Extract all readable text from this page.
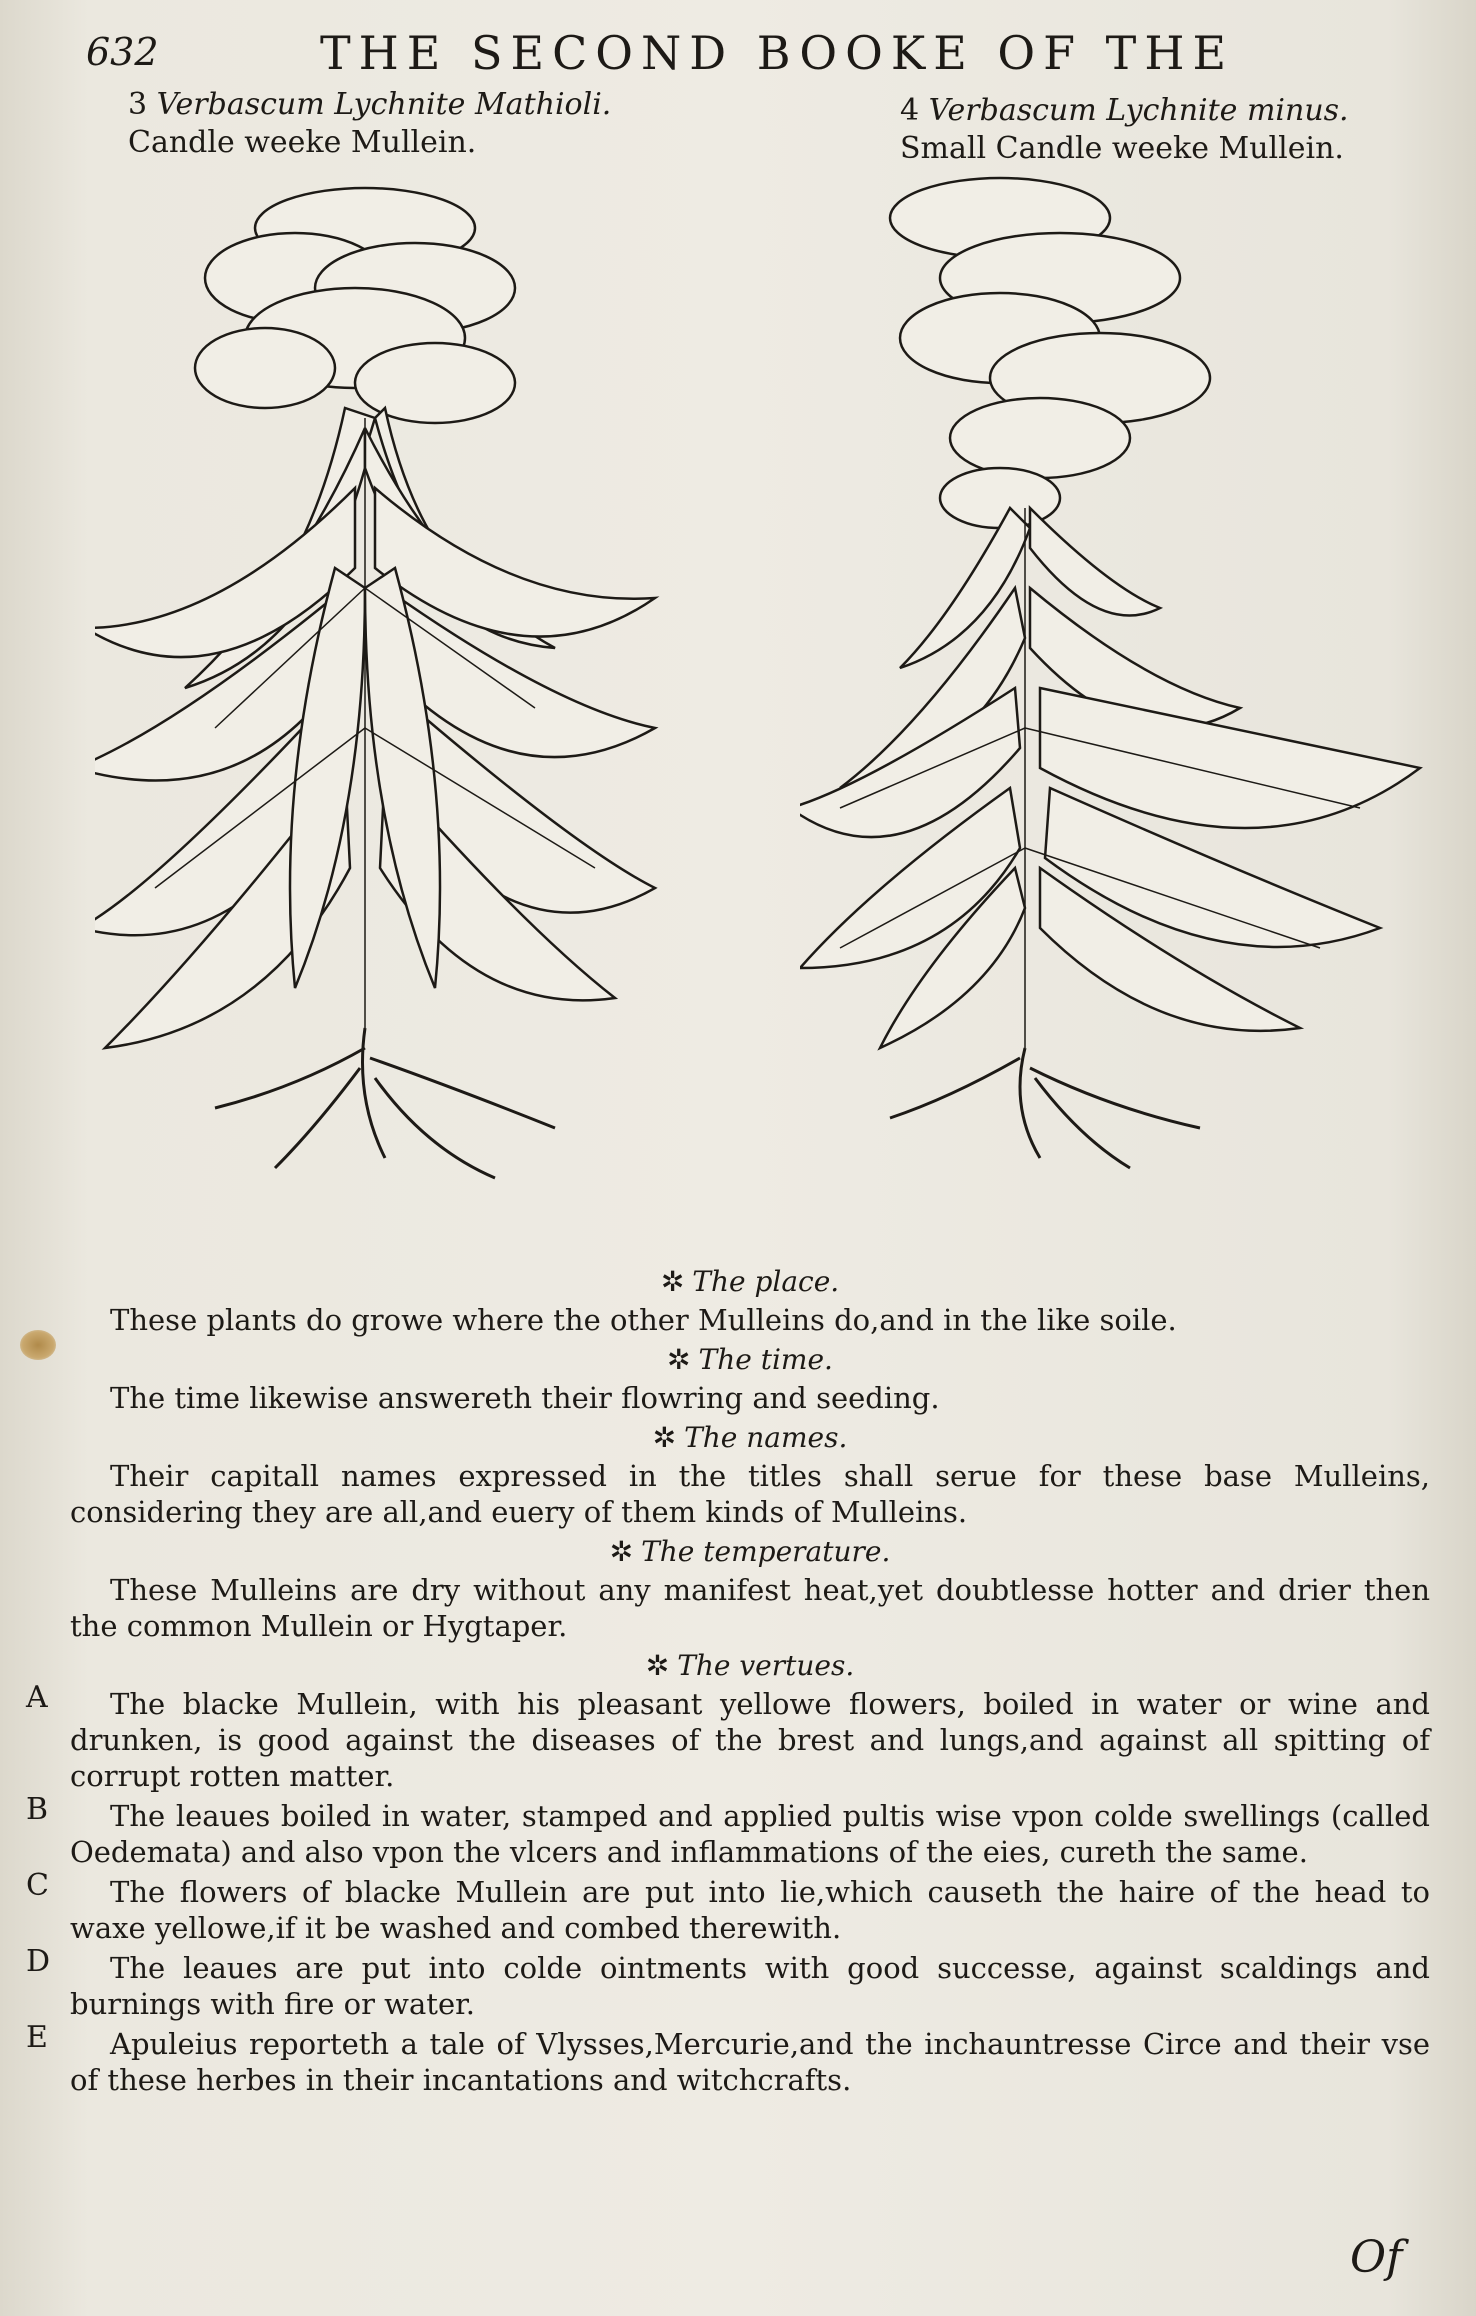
632	THE SECOND BOOKE OF THE
3 Verbascum Lychnite Mathioli.
Candle weeke Mullein.
4 Verbascum Lychnite minus.
Small Candle weeke Mullein.
✲ The place.

These plants do growe where the other Mulleins do,and in the like soile.

✲ The time.

The time likewise answereth their flowring and seeding.

✲ The names.

Their capitall names expressed in the titles shall serue for these base Mulleins, considering they are all,and euery of them kinds of Mulleins.

✲ The temperature.

These Mulleins are dry without any manifest heat,yet doubtlesse hotter and drier then the common Mullein or Hygtaper.

✲ The vertues.
A	The blacke Mullein, with his pleasant yellowe flowers, boiled in water or wine and drunken, is good against the diseases of the brest and lungs,and against all spitting of corrupt rotten matter.

B	The leaues boiled in water, stamped and applied pultis wise vpon colde swellings (called Oedemata) and also vpon the vlcers and inflammations of the eies, cureth the same.

C	The flowers of blacke Mullein are put into lie,which causeth the haire of the head to waxe yellowe,if it be washed and combed therewith.

D	The leaues are put into colde ointments with good successe, against scaldings and burnings with fire or water.

E	Apuleius reporteth a tale of Vlysses,Mercurie,and the inchauntresse Circe and their vse of these herbes in their incantations and witchcrafts.

Of
